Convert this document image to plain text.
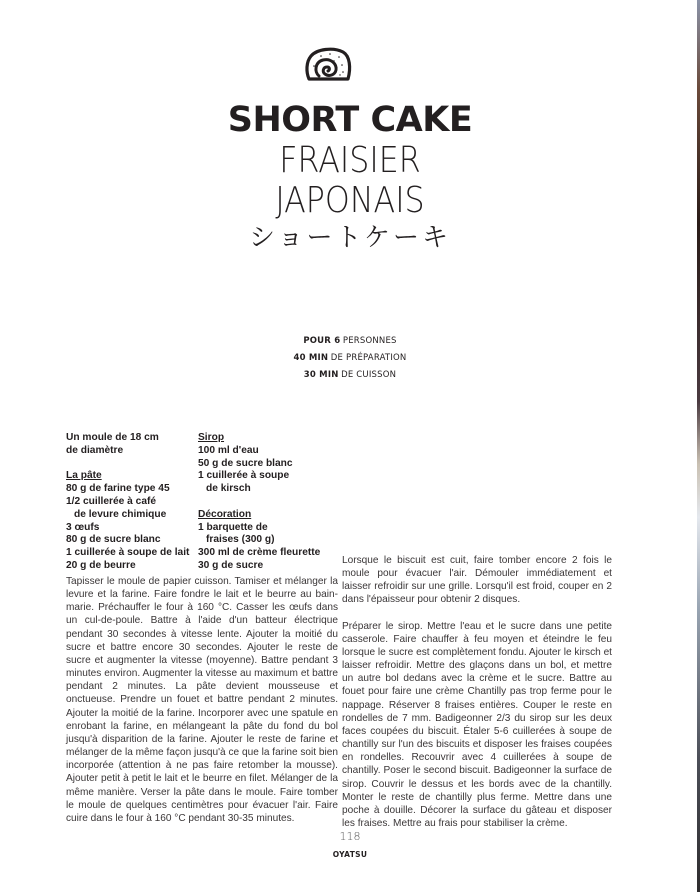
SHORT CAKE
FRAISIER
JAPONAIS
ショートケーキ
POUR 6 PERSONNES
40 MIN DE PRÉPARATION
30 MIN DE CUISSON
Un moule de 18 cm
de diamètre
La pâte
80 g de farine type 45
1/2 cuillerée à café
de levure chimique
3 œufs
80 g de sucre blanc
1 cuillerée à soupe de lait
20 g de beurre
Sirop
100 ml d'eau
50 g de sucre blanc
1 cuillerée à soupe
de kirsch
Décoration
1 barquette de
fraises (300 g)
300 ml de crème fleurette
30 g de sucre

Tapisser le moule de papier cuisson. Tamiser et mélanger la levure et la farine. Faire fondre le lait et le beurre au bain-marie. Préchauffer le four à 160 °C. Casser les œufs dans un cul-de-poule. Battre à l'aide d'un batteur électrique pendant 30 secondes à vitesse lente. Ajouter la moitié du sucre et battre encore 30 secondes. Ajouter le reste de sucre et augmenter la vitesse (moyenne). Battre pendant 3 minutes environ. Augmenter la vitesse au maximum et battre pendant 2 minutes. La pâte devient mousseuse et onctueuse. Prendre un fouet et battre pendant 2 minutes. Ajouter la moitié de la farine. Incorporer avec une spatule en enrobant la farine, en mélangeant la pâte du fond du bol jusqu'à disparition de la farine. Ajouter le reste de farine et mélanger de la même façon jusqu'à ce que la farine soit bien incorporée (attention à ne pas faire retomber la mousse). Ajouter petit à petit le lait et le beurre en filet. Mélanger de la même manière. Verser la pâte dans le moule. Faire tomber le moule de quelques centimètres pour évacuer l'air. Faire cuire dans le four à 160 °C pendant 30-35 minutes.

Lorsque le biscuit est cuit, faire tomber encore 2 fois le moule pour évacuer l'air. Démouler immédiatement et laisser refroidir sur une grille. Lorsqu'il est froid, couper en 2 dans l'épaisseur pour obtenir 2 disques.

Préparer le sirop. Mettre l'eau et le sucre dans une petite casserole. Faire chauffer à feu moyen et éteindre le feu lorsque le sucre est complètement fondu. Ajouter le kirsch et laisser refroidir. Mettre des glaçons dans un bol, et mettre un autre bol dedans avec la crème et le sucre. Battre au fouet pour faire une crème Chantilly pas trop ferme pour le nappage. Réserver 8 fraises entières. Couper le reste en rondelles de 7 mm. Badigeonner 2/3 du sirop sur les deux faces coupées du biscuit. Étaler 5-6 cuillerées à soupe de chantilly sur l'un des biscuits et disposer les fraises coupées en rondelles. Recouvrir avec 4 cuillerées à soupe de chantilly. Poser le second biscuit. Badigeonner la surface de sirop. Couvrir le dessus et les bords avec de la chantilly. Monter le reste de chantilly plus ferme. Mettre dans une poche à douille. Décorer la surface du gâteau et disposer les fraises. Mettre au frais pour stabiliser la crème.

118
OYATSU
